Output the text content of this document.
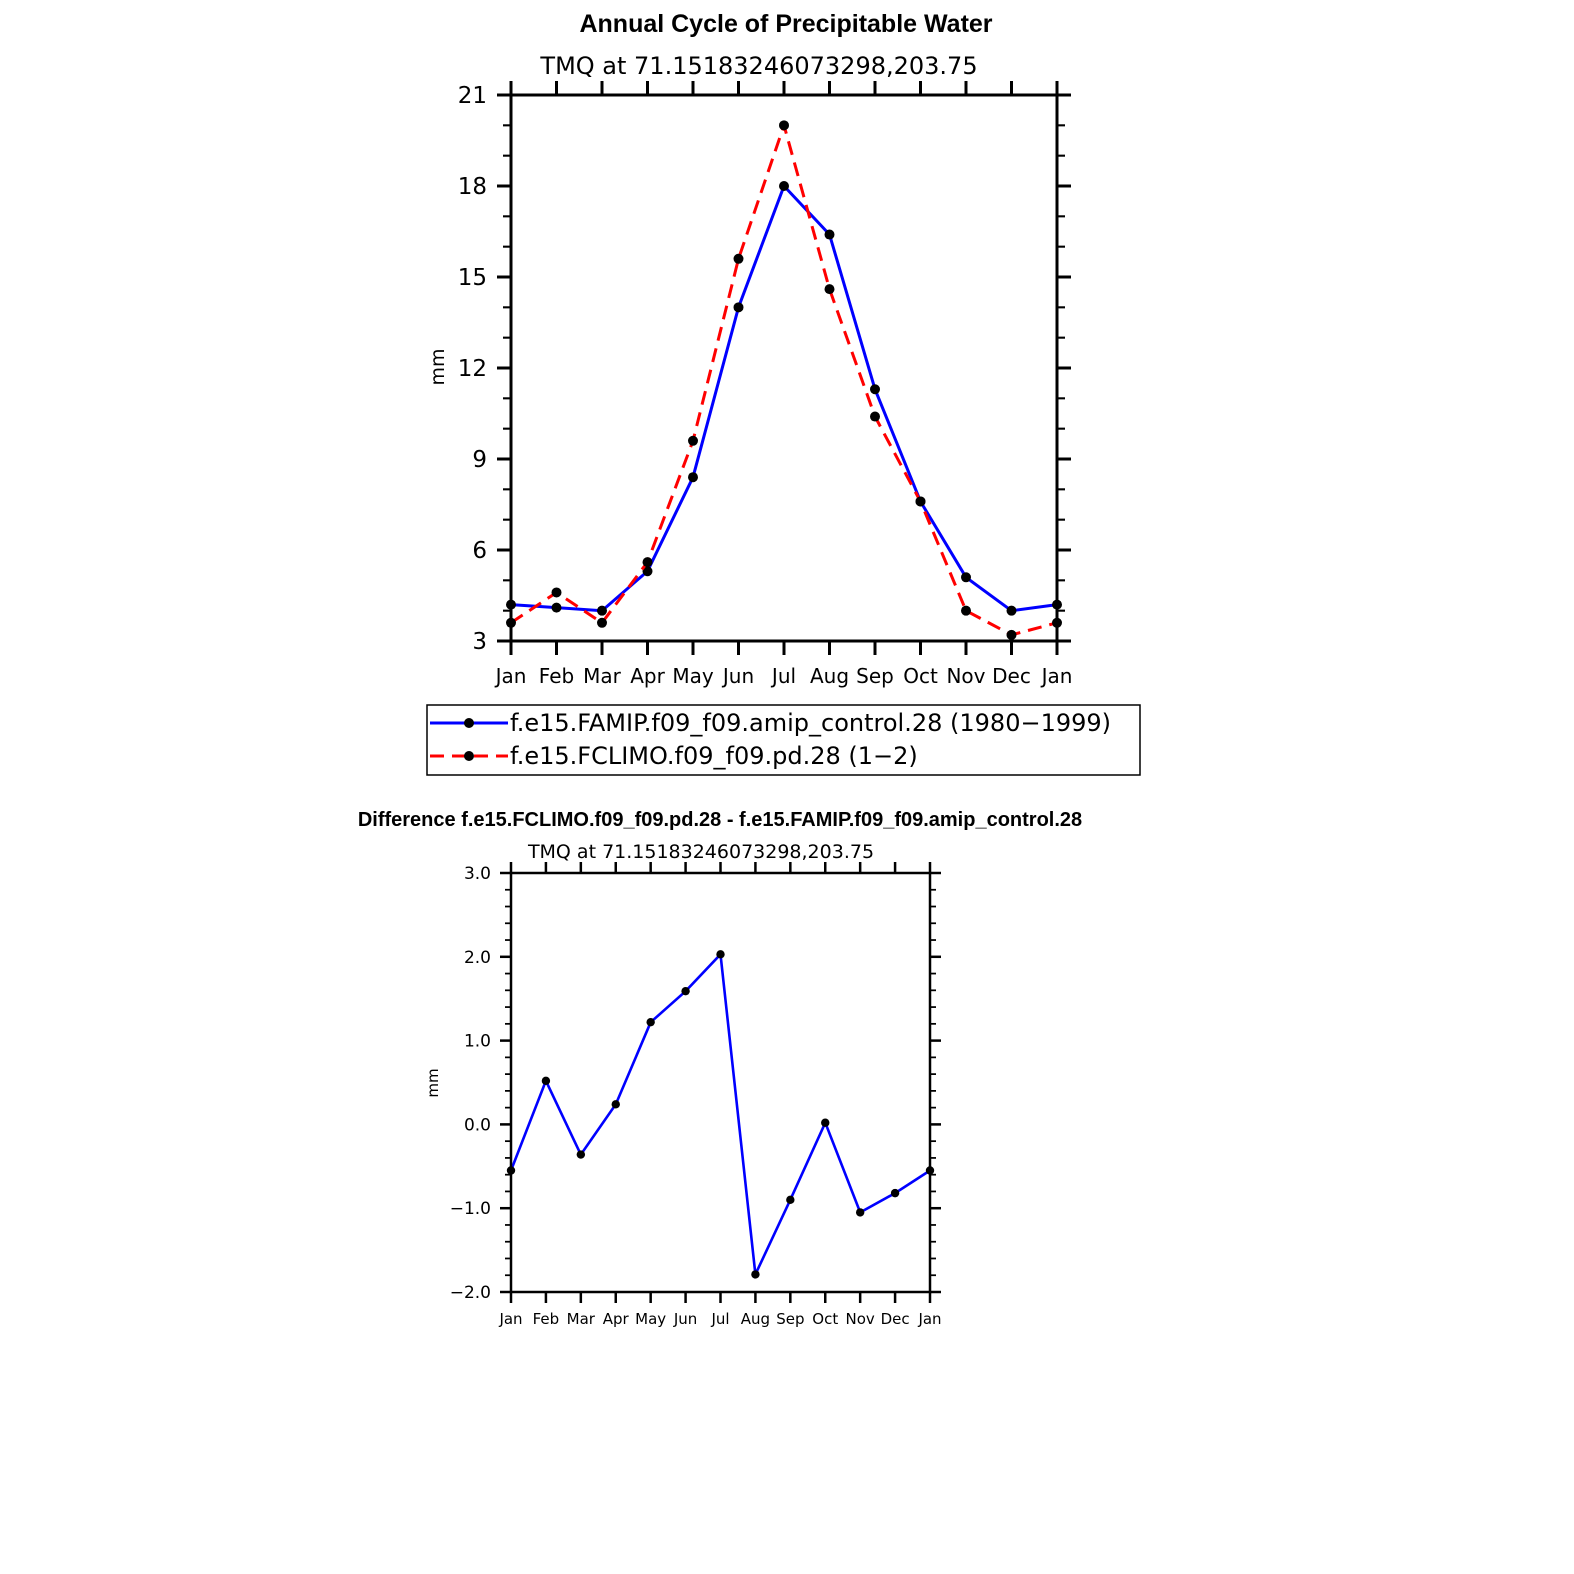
Annual Cycle of Precipitable Water
TMQ at 71.15183246073298,203.75
mm
3
6
9
12
15
18
21
Jan Feb Mar Apr May Jun Jul Aug Sep Oct Nov Dec Jan
f.e15.FAMIP.f09_f09.amip_control.28 (1980−1999)
f.e15.FCLIMO.f09_f09.pd.28 (1−2)
Difference f.e15.FCLIMO.f09_f09.pd.28 - f.e15.FAMIP.f09_f09.amip_control.28
TMQ at 71.15183246073298,203.75
mm
−2.0
−1.0
0.0
1.0
2.0
3.0
Jan Feb Mar Apr May Jun Jul Aug Sep Oct Nov Dec Jan
